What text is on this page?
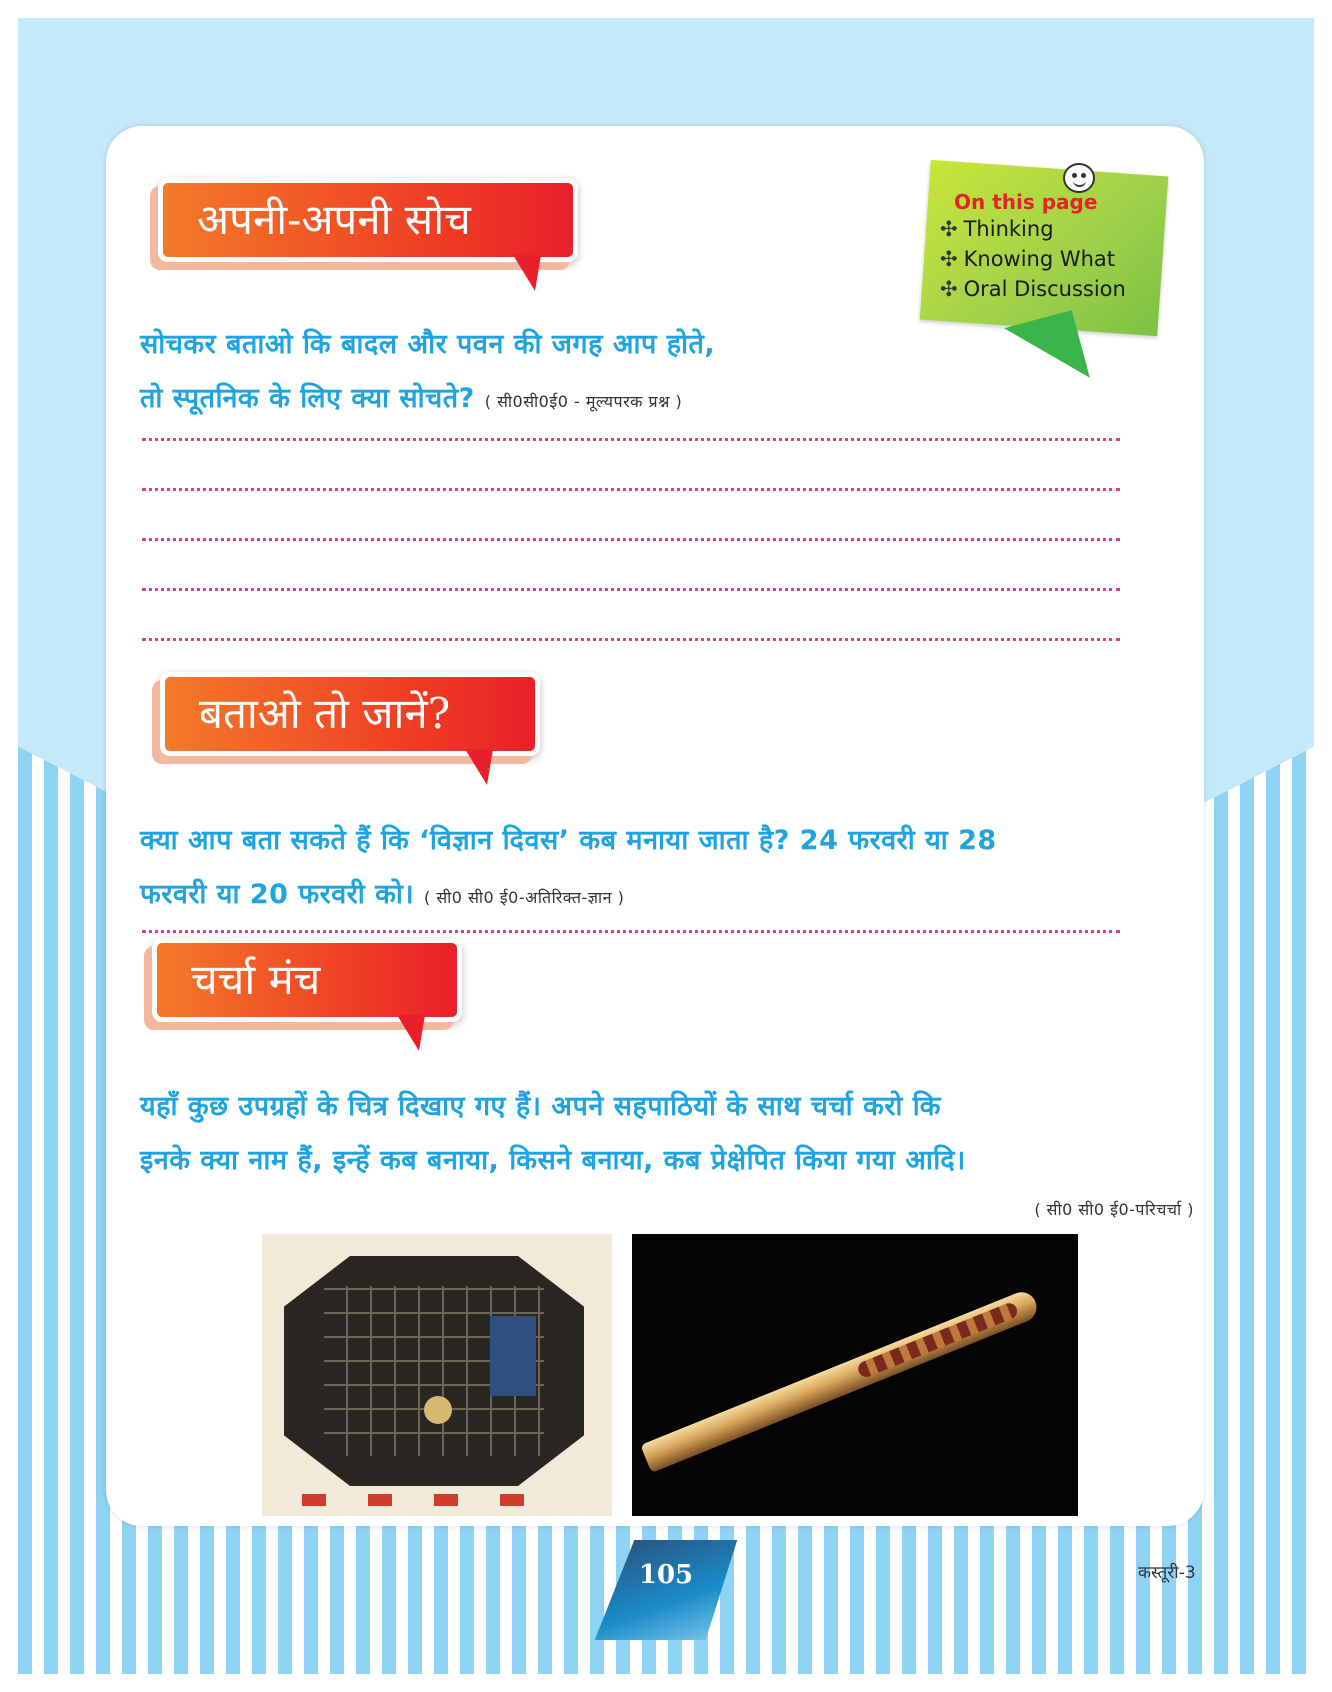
अपनी-अपनी सोच	On this page
✣ Thinking
✣ Knowing What
✣ Oral Discussion
सोचकर बताओ कि बादल और पवन की जगह आप होते,
तो स्पूतनिक के लिए क्या सोचते? ( सी0सी0ई0 - मूल्यपरक प्रश्न )
बताओ तो जानें?
क्या आप बता सकते हैं कि ‘विज्ञान दिवस’ कब मनाया जाता है? 24 फरवरी या 28
फरवरी या 20 फरवरी को। ( सी0 सी0 ई0-अतिरिक्त-ज्ञान )
चर्चा मंच
यहाँ कुछ उपग्रहों के चित्र दिखाए गए हैं। अपने सहपाठियों के साथ चर्चा करो कि
इनके क्या नाम हैं, इन्हें कब बनाया, किसने बनाया, कब प्रेक्षेपित किया गया आदि।
( सी0 सी0 ई0-परिचर्चा )
105	कस्तूरी-3
